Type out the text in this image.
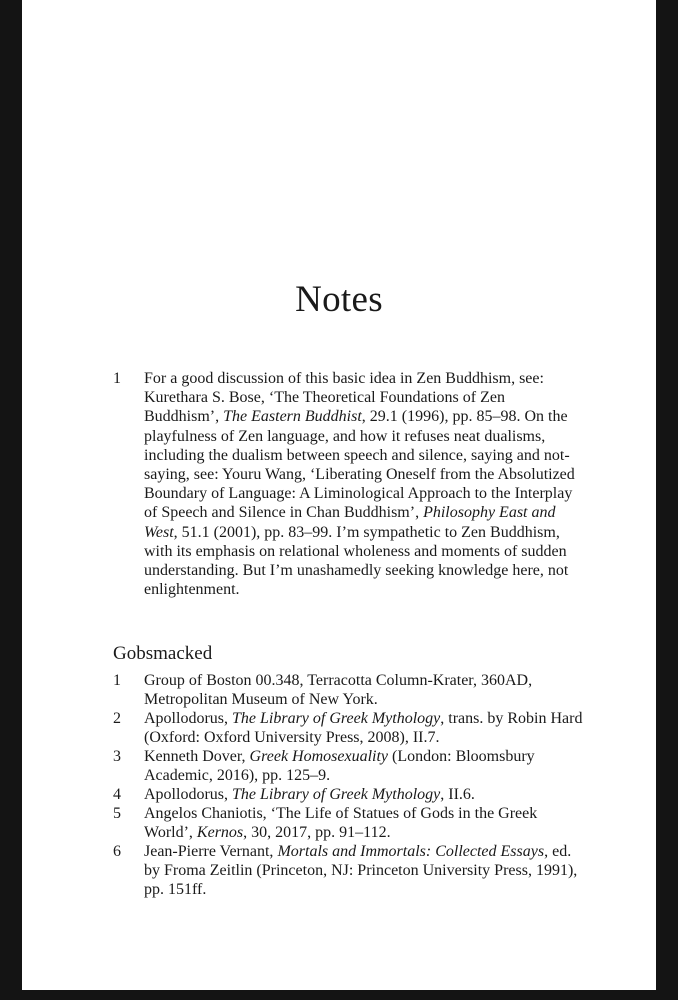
Notes
1	For a good discussion of this basic idea in Zen Buddhism, see: Kurethara S. Bose, ‘The Theoretical Foundations of Zen Buddhism’, The Eastern Buddhist, 29.1 (1996), pp. 85–98. On the playfulness of Zen language, and how it refuses neat dualisms, including the dualism between speech and silence, saying and not-saying, see: Youru Wang, ‘Liberating Oneself from the Absolutized Boundary of Language: A Liminological Approach to the Interplay of Speech and Silence in Chan Buddhism’, Philosophy East and West, 51.1 (2001), pp. 83–99. I’m sympathetic to Zen Buddhism, with its emphasis on relational wholeness and moments of sudden understanding. But I’m unashamedly seeking knowledge here, not enlightenment.
Gobsmacked
1	Group of Boston 00.348, Terracotta Column-Krater, 360AD, Metropolitan Museum of New York.
2	Apollodorus, The Library of Greek Mythology, trans. by Robin Hard (Oxford: Oxford University Press, 2008), II.7.
3	Kenneth Dover, Greek Homosexuality (London: Bloomsbury Academic, 2016), pp. 125–9.
4	Apollodorus, The Library of Greek Mythology, II.6.
5	Angelos Chaniotis, ‘The Life of Statues of Gods in the Greek World’, Kernos, 30, 2017, pp. 91–112.
6	Jean-Pierre Vernant, Mortals and Immortals: Collected Essays, ed. by Froma Zeitlin (Princeton, NJ: Princeton University Press, 1991), pp. 151ff.
